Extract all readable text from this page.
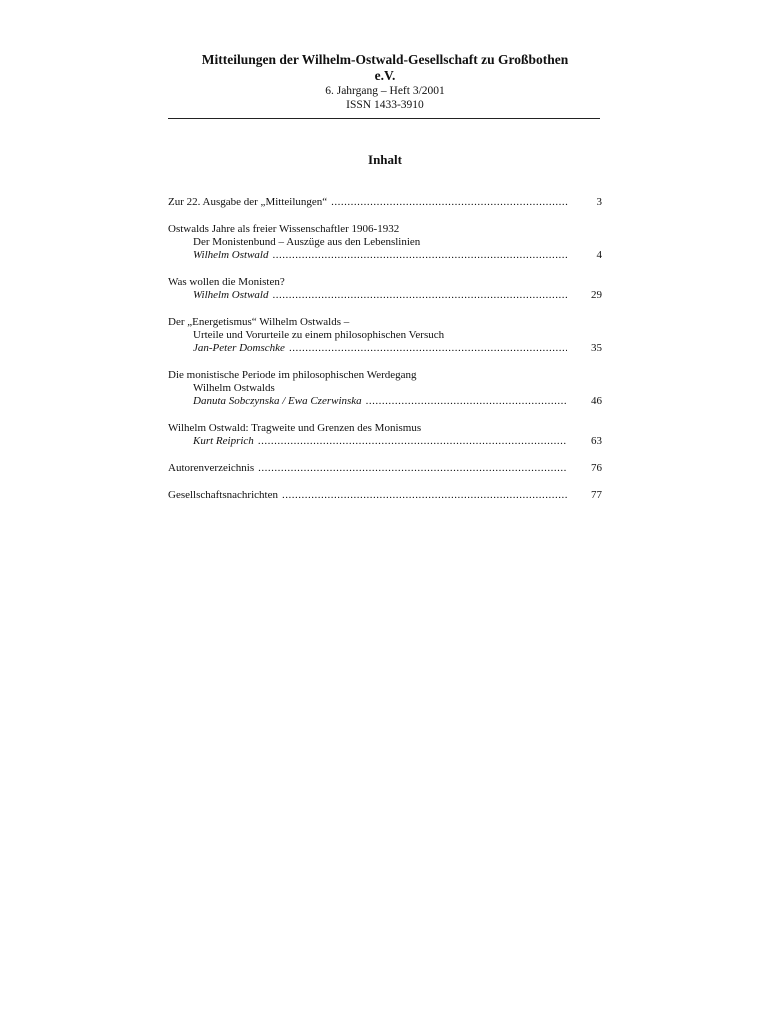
Mitteilungen der Wilhelm-Ostwald-Gesellschaft zu Großbothen
e.V.
6. Jahrgang – Heft 3/2001
ISSN 1433-3910
Inhalt
Zur 22. Ausgabe der „Mitteilungen“ .....	3
Ostwalds Jahre als freier Wissenschaftler 1906-1932
Der Monistenbund – Auszüge aus den Lebenslinien
Wilhelm Ostwald .....	4
Was wollen die Monisten?
Wilhelm Ostwald .....	29
Der „Energetismus“ Wilhelm Ostwalds –
Urteile und Vorurteile zu einem philosophischen Versuch
Jan-Peter Domschke .....	35
Die monistische Periode im philosophischen Werdegang
Wilhelm Ostwalds
Danuta Sobczynska / Ewa Czerwinska .....	46
Wilhelm Ostwald: Tragweite und Grenzen des Monismus
Kurt Reiprich .....	63
Autorenverzeichnis .....	76
Gesellschaftsnachrichten .....	77
